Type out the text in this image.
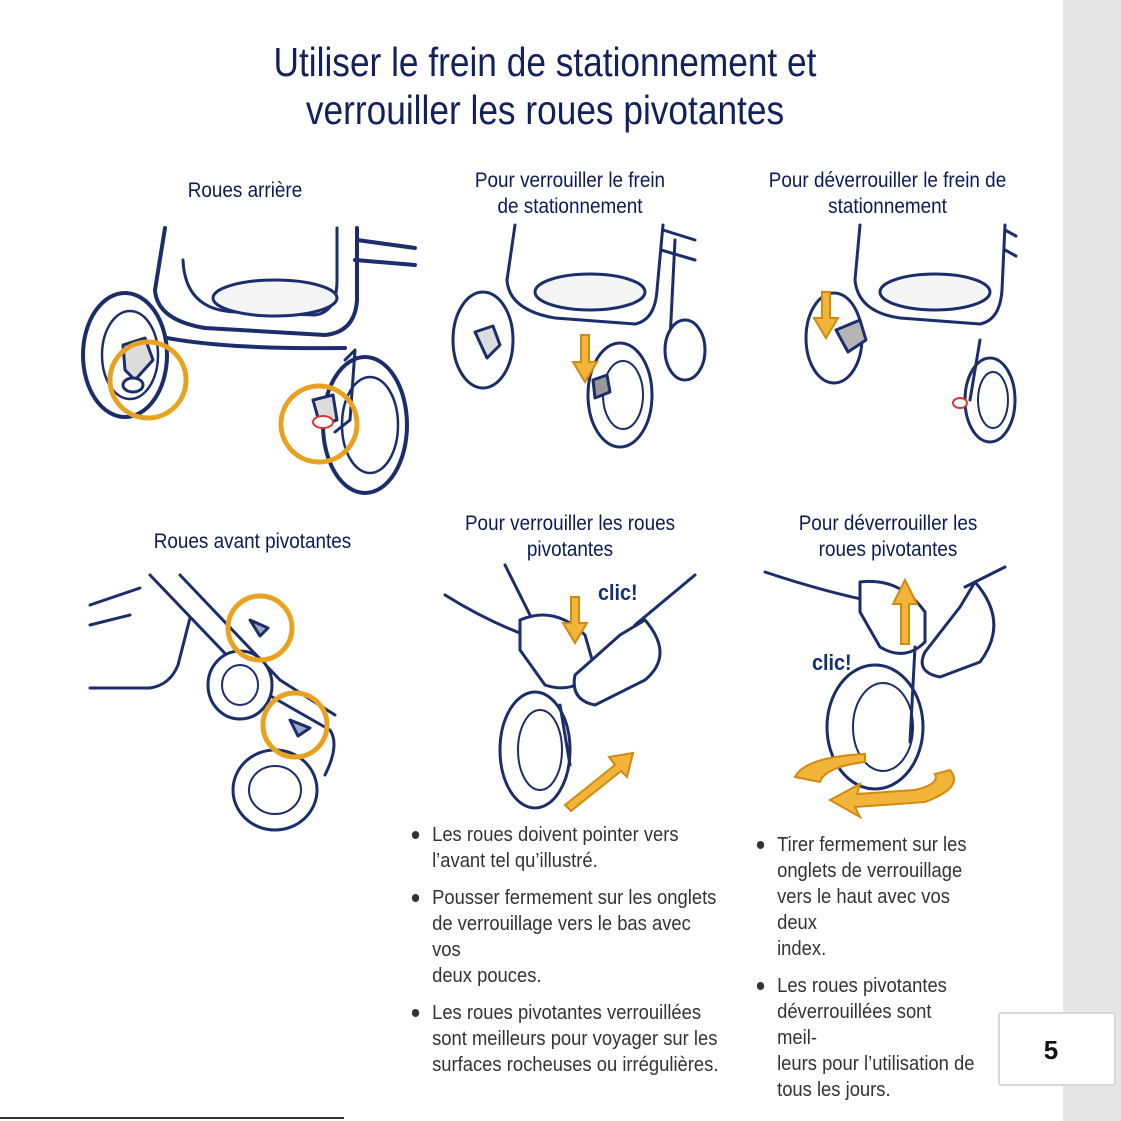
5
Utiliser le frein de stationnement et
verrouiller les roues pivotantes
Roues arrière	Pour verrouiller le frein
de stationnement
Pour déverrouiller le frein de
stationnement
Roues avant pivotantes
Pour verrouiller les roues
pivotantes
Pour déverrouiller les
roues pivotantes
clic!
clic!
Les roues doivent pointer vers
l’avant tel qu’illustré.
Pousser fermement sur les onglets
de verrouillage vers le bas avec vos
deux pouces.
Les roues pivotantes verrouillées
sont meilleurs pour voyager sur les
surfaces rocheuses ou irrégulières.
Tirer fermement sur les
onglets de verrouillage
vers le haut avec vos deux
index.
Les roues pivotantes
déverrouillées sont meil-
leurs pour l’utilisation de
tous les jours.
